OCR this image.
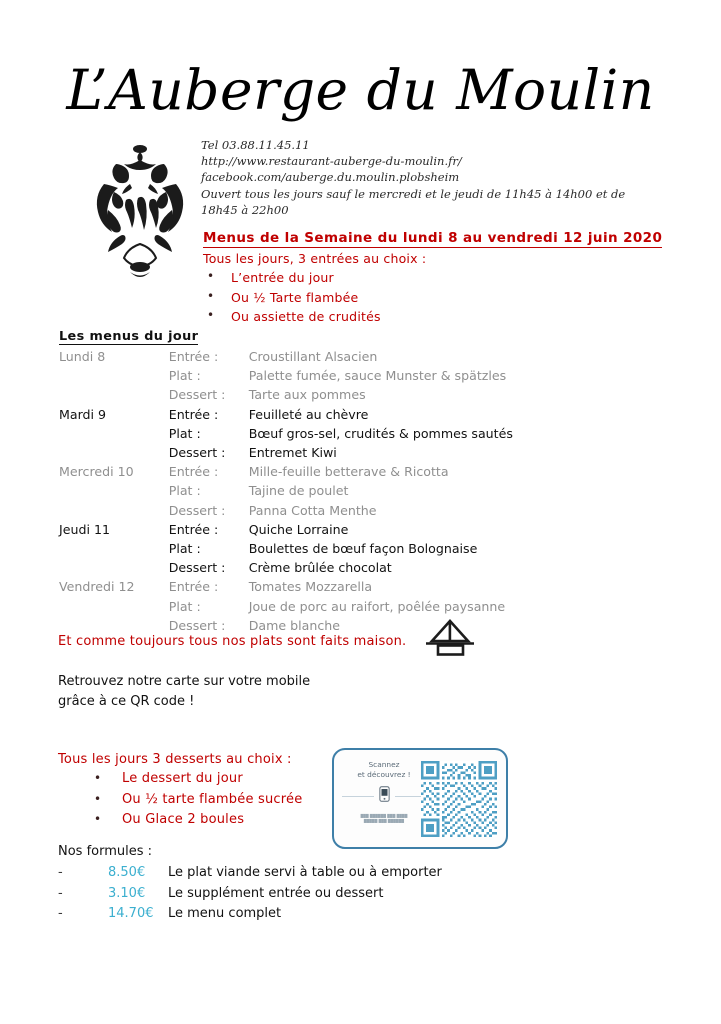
L’Auberge du Moulin
Tel 03.88.11.45.11
http://www.restaurant-auberge-du-moulin.fr/
facebook.com/auberge.du.moulin.plobsheim
Ouvert tous les jours sauf le mercredi et le jeudi de 11h45 à 14h00 et de 18h45 à 22h00
Menus de la Semaine du lundi 8 au vendredi 12 juin 2020
Tous les jours, 3 entrées au choix :
• L’entrée du jour
• Ou ½ Tarte flambée
• Ou assiette de crudités
Les menus du jour
Lundi 8	Entrée :	Croustillant Alsacien
	Plat :	Palette fumée, sauce Munster & spätzles
	Dessert :	Tarte aux pommes
Mardi 9	Entrée :	Feuilleté au chèvre
	Plat :	Bœuf gros-sel, crudités & pommes sautés
	Dessert :	Entremet Kiwi
Mercredi 10	Entrée :	Mille-feuille betterave & Ricotta
	Plat :	Tajine de poulet
	Dessert :	Panna Cotta Menthe
Jeudi 11	Entrée :	Quiche Lorraine
	Plat :	Boulettes de bœuf façon Bolognaise
	Dessert :	Crème brûlée chocolat
Vendredi 12	Entrée :	Tomates Mozzarella
	Plat :	Joue de porc au raifort, poêlée paysanne
	Dessert :	Dame blanche
Et comme toujours tous nos plats sont faits maison.
Retrouvez notre carte sur votre mobile
grâce à ce QR code !
Tous les jours 3 desserts au choix :
• Le dessert du jour
• Ou ½ tarte flambée sucrée
• Ou Glace 2 boules
Scannez
et découvrez !
███ ██████ ███ ████
█████ ███ ██████
Nos formules :
-	8.50€	Le plat viande servi à table ou à emporter
-	3.10€	Le supplément entrée ou dessert
-	14.70€	Le menu complet
